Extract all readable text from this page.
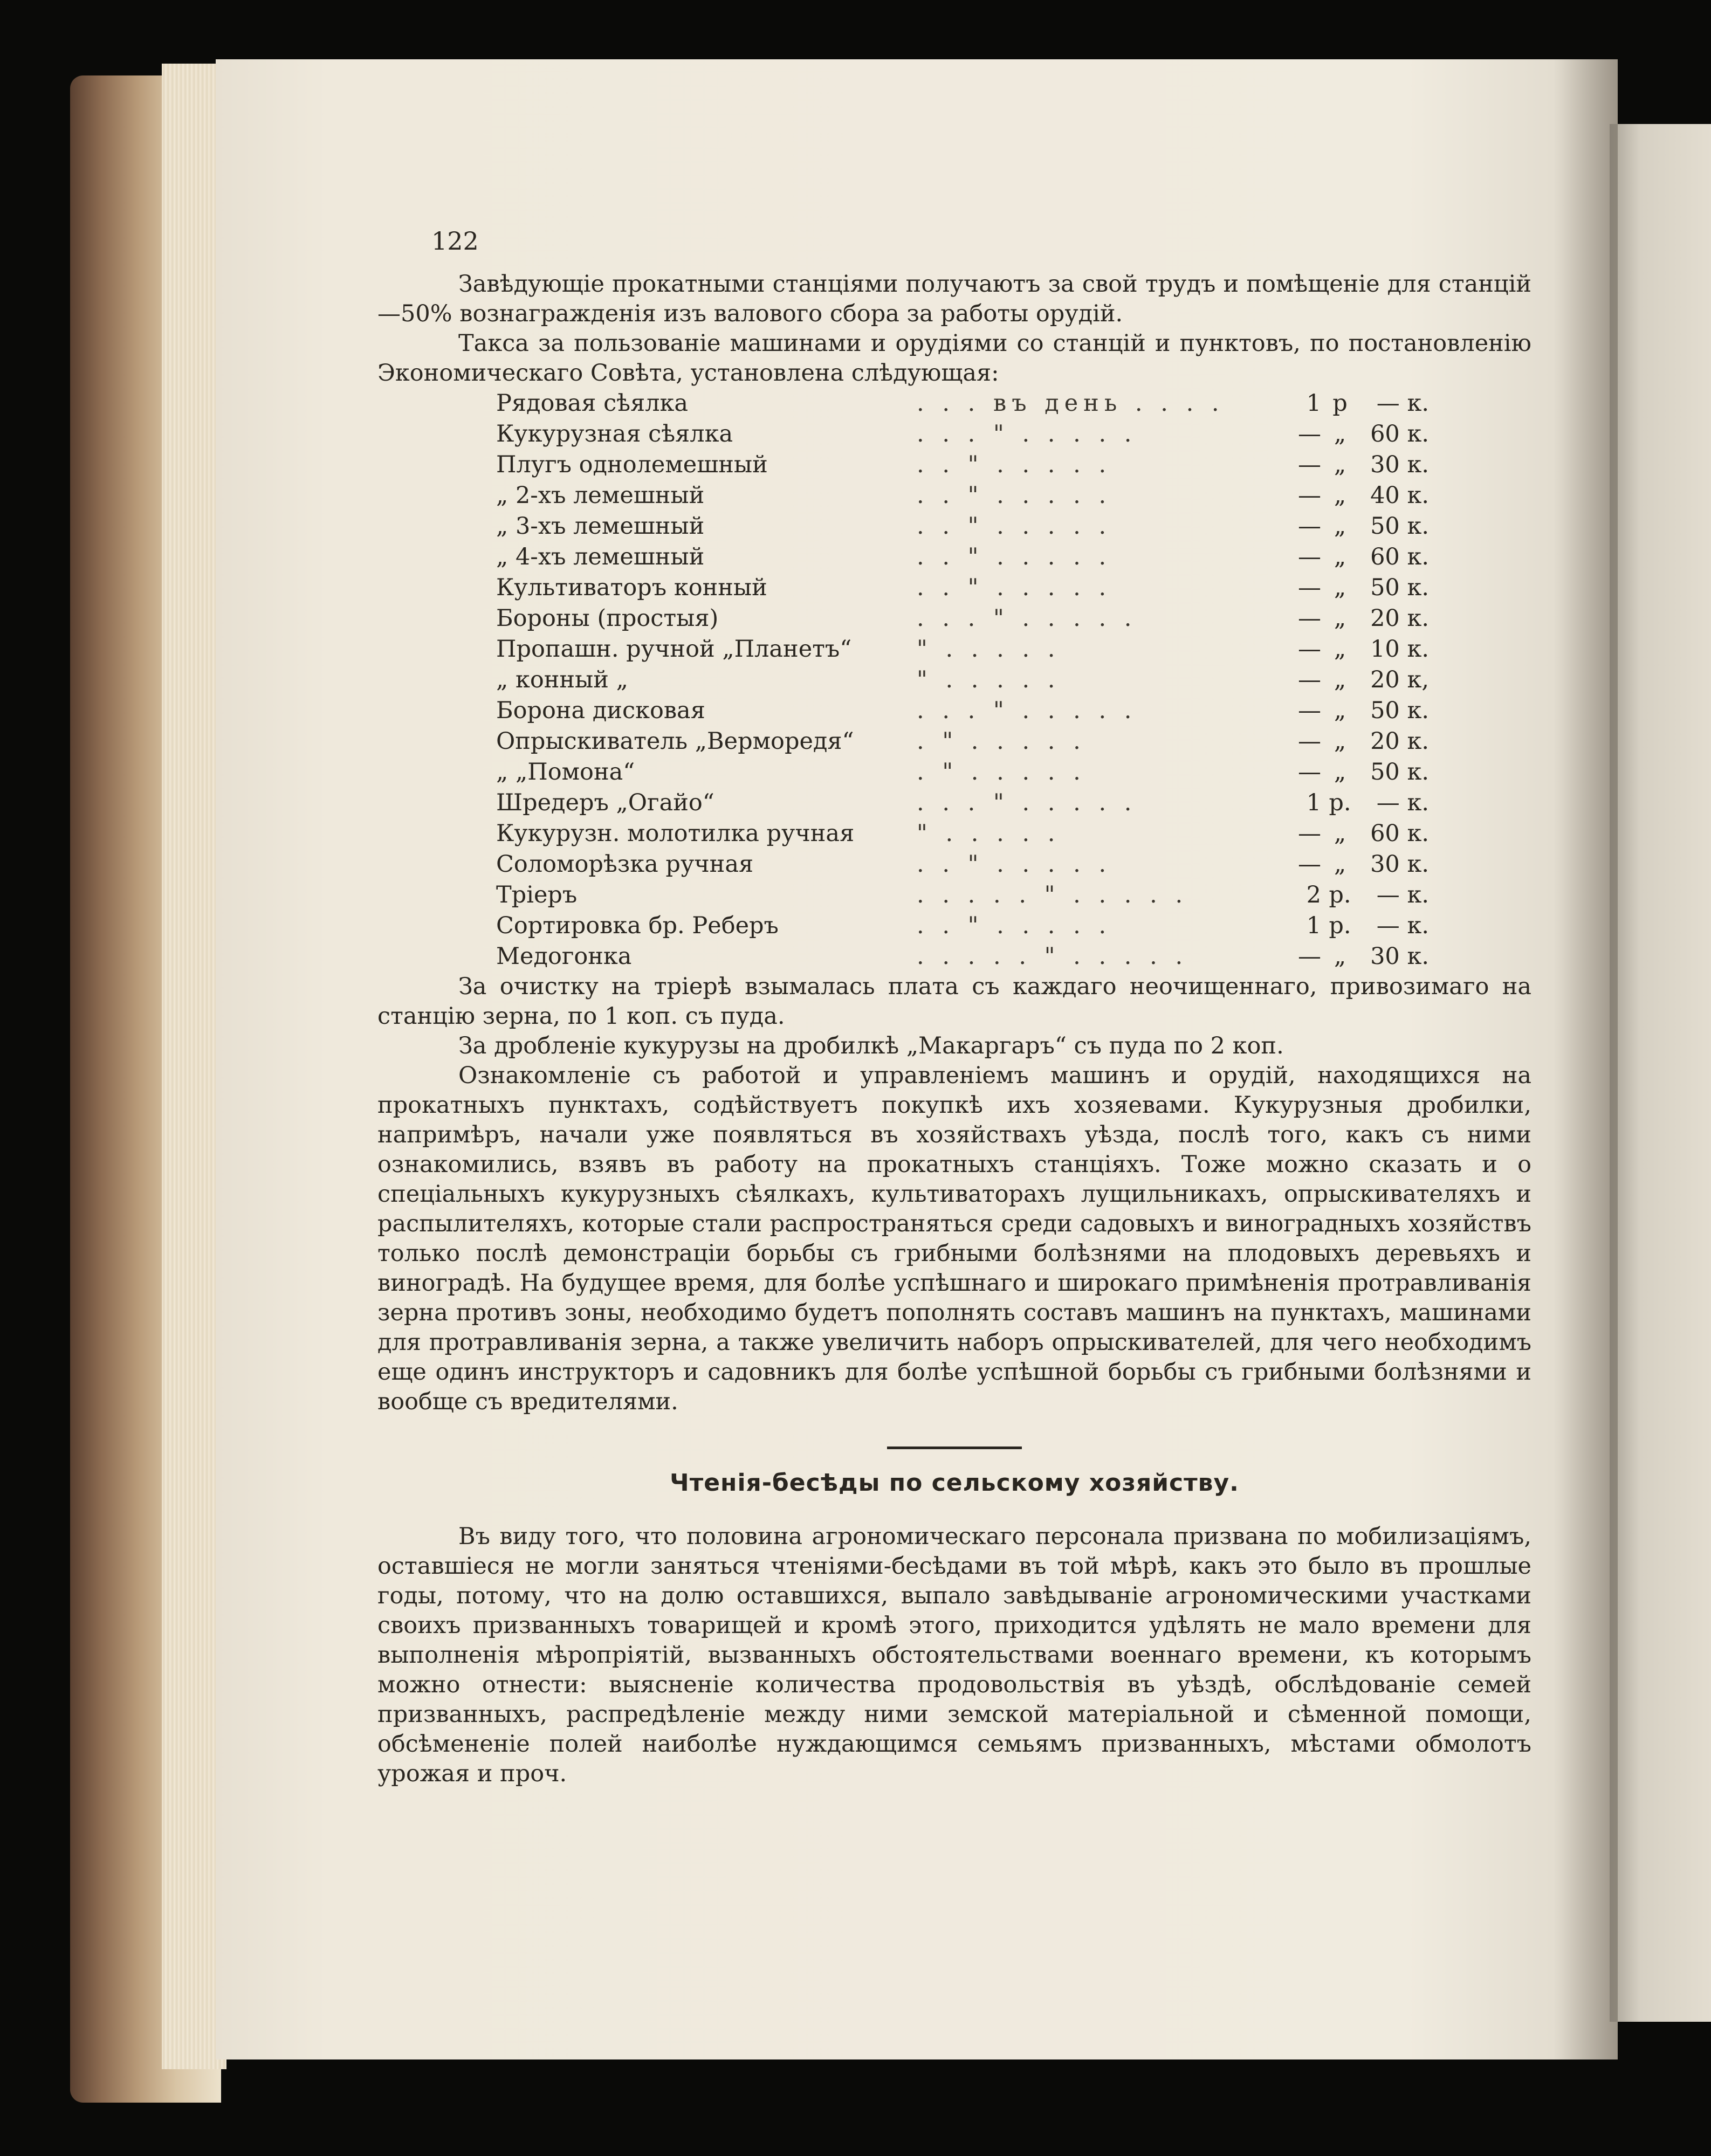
122

Завѣдующіе прокатными станціями получаютъ за свой трудъ и помѣщеніе для станцій—50% вознагражденія изъ валового сбора за работы орудій.

Такса за пользованіе машинами и орудіями со станцій и пунктовъ, по постановленію Экономическаго Совѣта, установлена слѣдующая:

Рядовая сѣялка	. . . въ день . . . .	1	р	— к.
Кукурузная сѣялка	. . . " . . . . .	—	„	60 к.
Плугъ однолемешный	. . " . . . . .	—	„	30 к.
„ 2-хъ лемешный	. . " . . . . .	—	„	40 к.
„ 3-хъ лемешный	. . " . . . . .	—	„	50 к.
„ 4-хъ лемешный	. . " . . . . .	—	„	60 к.
Культиваторъ конный	. . " . . . . .	—	„	50 к.
Бороны (простыя)	. . . " . . . . .	—	„	20 к.
Пропашн. ручной „Планетъ“	" . . . . .	—	„	10 к.
„ конный „	" . . . . .	—	„	20 к,
Борона дисковая	. . . " . . . . .	—	„	50 к.
Опрыскиватель „Верморедя“	. " . . . . .	—	„	20 к.
„ „Помона“	. " . . . . .	—	„	50 к.
Шредеръ „Огайо“	. . . " . . . . .	1	р.	— к.
Кукурузн. молотилка ручная	" . . . . .	—	„	60 к.
Соломорѣзка ручная	. . " . . . . .	—	„	30 к.
Тріеръ	. . . . . " . . . . .	2	р.	— к.
Сортировка бр. Реберъ	. . " . . . . .	1	р.	— к.
Медогонка	. . . . . " . . . . .	—	„	30 к.

За очистку на тріерѣ взымалась плата съ каждаго неочищеннаго, привозимаго на станцію зерна, по 1 коп. съ пуда.

За дробленіе кукурузы на дробилкѣ „Макаргаръ“ съ пуда по 2 коп.

Ознакомленіе съ работой и управленіемъ машинъ и орудій, находящихся на прокатныхъ пунктахъ, содѣйствуетъ покупкѣ ихъ хозяевами. Кукурузныя дробилки, напримѣръ, начали уже появляться въ хозяйствахъ уѣзда, послѣ того, какъ съ ними ознакомились, взявъ въ работу на прокатныхъ станціяхъ. Тоже можно сказать и о спеціальныхъ кукурузныхъ сѣялкахъ, культиваторахъ лущильникахъ, опрыскивателяхъ и распылителяхъ, которые стали распространяться среди садовыхъ и виноградныхъ хозяйствъ только послѣ демонстраціи борьбы съ грибными болѣзнями на плодовыхъ деревьяхъ и виноградѣ. На будущее время, для болѣе успѣшнаго и широкаго примѣненія протравливанія зерна противъ зоны, необходимо будетъ пополнять составъ машинъ на пунктахъ, машинами для протравливанія зерна, а также увеличить наборъ опрыскивателей, для чего необходимъ еще одинъ инструкторъ и садовникъ для болѣе успѣшной борьбы съ грибными болѣзнями и вообще съ вредителями.

Чтенія-бесѣды по сельскому хозяйству.

Въ виду того, что половина агрономическаго персонала призвана по мобилизаціямъ, оставшіеся не могли заняться чтеніями-бесѣдами въ той мѣрѣ, какъ это было въ прошлые годы, потому, что на долю оставшихся, выпало завѣдываніе агрономическими участками своихъ призванныхъ товарищей и кромѣ этого, приходится удѣлять не мало времени для выполненія мѣропріятій, вызванныхъ обстоятельствами военнаго времени, къ которымъ можно отнести: выясненіе количества продовольствія въ уѣздѣ, обслѣдованіе семей призванныхъ, распредѣленіе между ними земской матеріальной и сѣменной помощи, обсѣмененіе полей наиболѣе нуждающимся семьямъ призванныхъ, мѣстами обмолотъ урожая и проч.
